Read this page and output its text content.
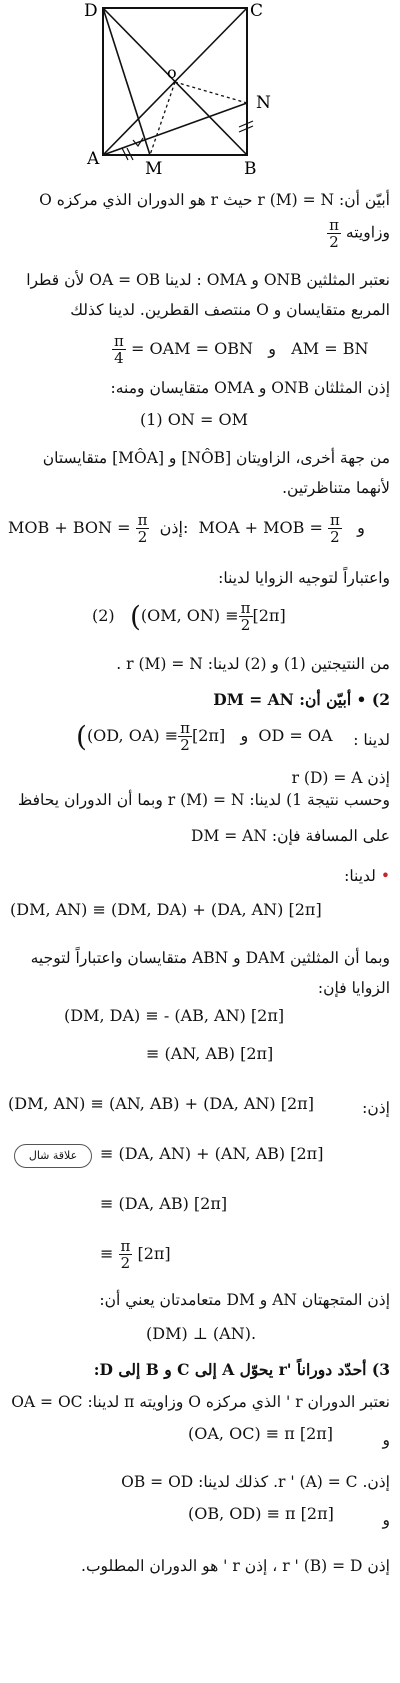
D	C
A	B
M
N
o
أبيّن أن: r (M) = N حيث r هو الدوران الذي مركزه O
وزاويته
$\frac{\pi}{2}$
نعتبر المثلثين ONB و OMA : لدينا OA = OB لأن قطرا
المربع متقايسان و O منتصف القطرين. لدينا كذلك
$\frac{\pi}{4}$ = OAM = OBN و AM = BN
إذن المثلثان ONB و OMA متقايسان ومنه:
(1) ON = OM
من جهة أخرى، الزاويتان [NÔB] و [MÔA] متقايستان
لأنهما متناظرتين.
MOB + BON = $\frac{\pi}{2}$ إذن: MOA + MOB = $\frac{\pi}{2}$ و
واعتباراً لتوجيه الزوايا لدينا:
(2) ((OM, $ON) \equiv \frac{\pi}{2} [2\pi]$
من النتيجتين (1) و (2) لدينا: r (M) = N .
2) • أبيّن أن: DM = AN
((OD, $OA) \equiv \frac{\pi}{2} [2\pi]$ و OD = OA لدينا :
إذن r (D) = A
وحسب نتيجة 1) لدينا: r (M) = N وبما أن الدوران يحافظ
على المسافة فإن: DM = AN
• لدينا:
(DM, AN) ≡ (DM, DA) + (DA, AN) [2π]
وبما أن المثلثين DAM و ABN متقايسان واعتباراً لتوجيه
الزوايا فإن:
(DM, DA) ≡ - (AB, AN) [2π]
≡ (AN, AB) [2π]
(DM, AN) ≡ (AN, AB) + (DA, AN) [2π]	إذن:
علاقة شال	≡ (DA, AN) + (AN, AB) [2π]
≡ (DA, AB) [2π]
≡ $\frac{\pi}{2} [2\pi]$
إذن المتجهتان AN و DM متعامدتان يعني أن:
(DM) ⊥ (AN).
3) أحدّد دوراناً 'r يحوّل A إلى C و B إلى D:
نعتبر الدوران r ' الذي مركزه O وزاويته π لدينا: OA = OC
(OA, OC) ≡ π [2π]	و
إذن. r ' (A) = C. كذلك لدينا: OB = OD
(OB, OD) ≡ π [2π]	و
إذن r ' (B) = D ، إذن r ' هو الدوران المطلوب.
